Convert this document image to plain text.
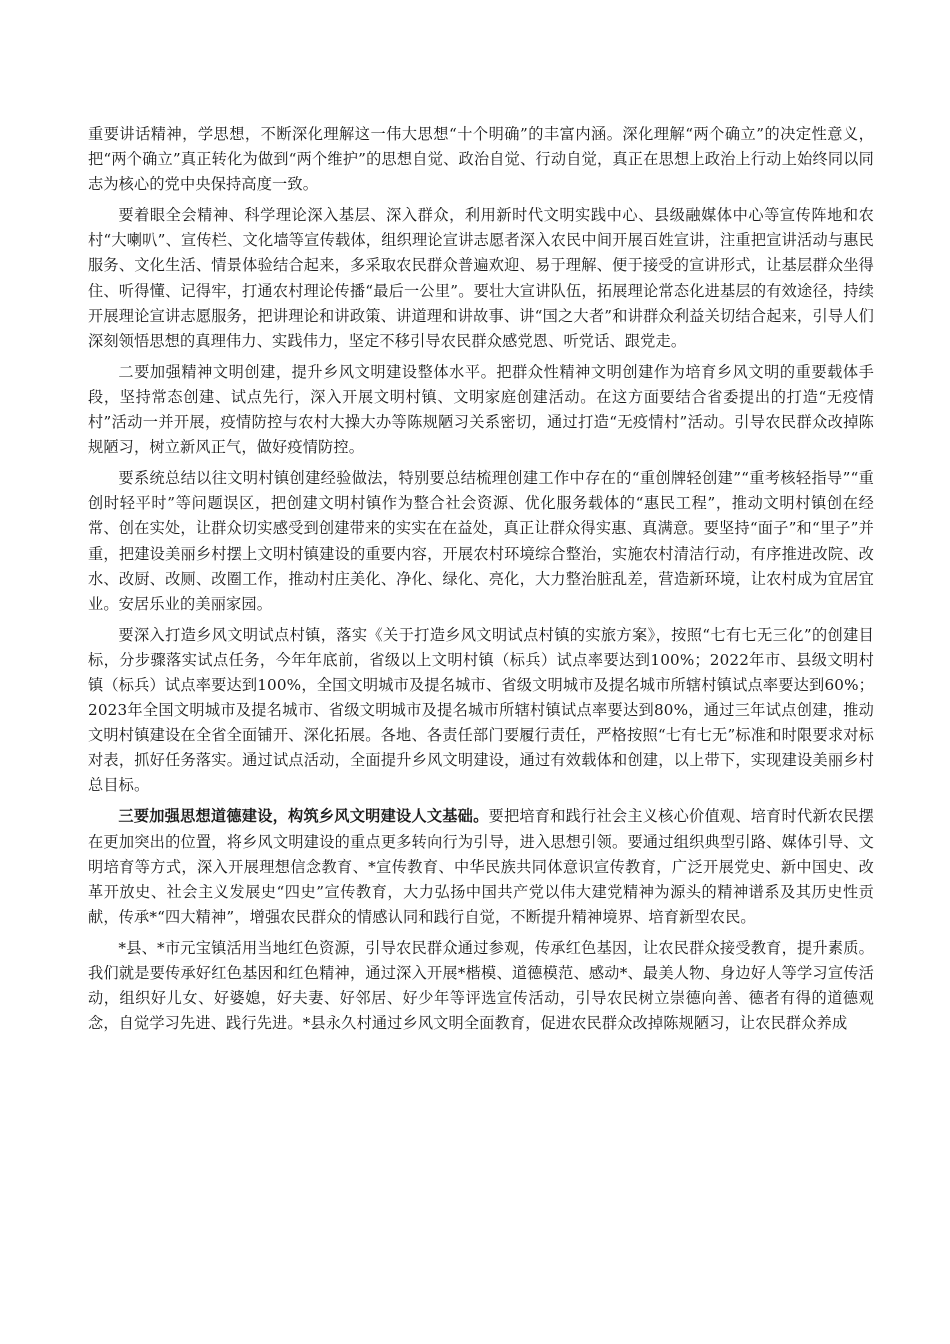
重要讲话精神，学思想，不断深化理解这一伟大思想“十个明确”的丰富内涵。深化理解“两个确立”的决定性意义，把“两个确立”真正转化为做到“两个维护”的思想自觉、政治自觉、行动自觉，真正在思想上政治上行动上始终同以同志为核心的党中央保持高度一致。

要着眼全会精神、科学理论深入基层、深入群众，利用新时代文明实践中心、县级融媒体中心等宣传阵地和农村“大喇叭”、宣传栏、文化墙等宣传载体，组织理论宣讲志愿者深入农民中间开展百姓宣讲，注重把宣讲活动与惠民服务、文化生活、情景体验结合起来，多采取农民群众普遍欢迎、易于理解、便于接受的宣讲形式，让基层群众坐得住、听得懂、记得牢，打通农村理论传播“最后一公里”。要壮大宣讲队伍，拓展理论常态化进基层的有效途径，持续开展理论宣讲志愿服务，把讲理论和讲政策、讲道理和讲故事、讲“国之大者”和讲群众利益关切结合起来，引导人们深刻领悟思想的真理伟力、实践伟力，坚定不移引导农民群众感党恩、听党话、跟党走。

二要加强精神文明创建，提升乡风文明建设整体水平。把群众性精神文明创建作为培育乡风文明的重要载体手段，坚持常态创建、试点先行，深入开展文明村镇、文明家庭创建活动。在这方面要结合省委提出的打造“无疫情村”活动一并开展，疫情防控与农村大操大办等陈规陋习关系密切，通过打造“无疫情村”活动。引导农民群众改掉陈规陋习，树立新风正气，做好疫情防控。

要系统总结以往文明村镇创建经验做法，特别要总结梳理创建工作中存在的“重创牌轻创建”“重考核轻指导”“重创时轻平时”等问题误区，把创建文明村镇作为整合社会资源、优化服务载体的“惠民工程”，推动文明村镇创在经常、创在实处，让群众切实感受到创建带来的实实在在益处，真正让群众得实惠、真满意。要坚持“面子”和“里子”并重，把建设美丽乡村摆上文明村镇建设的重要内容，开展农村环境综合整治，实施农村清洁行动，有序推进改院、改水、改厨、改厕、改圈工作，推动村庄美化、净化、绿化、亮化，大力整治脏乱差，营造新环境，让农村成为宜居宜业。安居乐业的美丽家园。

要深入打造乡风文明试点村镇，落实《关于打造乡风文明试点村镇的实旅方案》，按照“七有七无三化”的创建目标，分步骤落实试点任务，今年年底前，省级以上文明村镇（标兵）试点率要达到100%；2022年市、县级文明村镇（标兵）试点率要达到100%，全国文明城市及提名城市、省级文明城市及提名城市所辖村镇试点率要达到60%；2023年全国文明城市及提名城市、省级文明城市及提名城市所辖村镇试点率要达到80%，通过三年试点创建，推动文明村镇建设在全省全面铺开、深化拓展。各地、各责任部门要履行责任，严格按照“七有七无”标准和时限要求对标对表，抓好任务落实。通过试点活动，全面提升乡风文明建设，通过有效载体和创建，以上带下，实现建设美丽乡村总目标。

三要加强思想道德建设，构筑乡风文明建设人文基础。要把培育和践行社会主义核心价值观、培育时代新农民摆在更加突出的位置，将乡风文明建设的重点更多转向行为引导，进入思想引领。要通过组织典型引路、媒体引导、文明培育等方式，深入开展理想信念教育、*宣传教育、中华民族共同体意识宣传教育，广泛开展党史、新中国史、改革开放史、社会主义发展史“四史”宣传教育，大力弘扬中国共产党以伟大建党精神为源头的精神谱系及其历史性贡献，传承*“四大精神”，增强农民群众的情感认同和践行自觉，不断提升精神境界、培育新型农民。

*县、*市元宝镇活用当地红色资源，引导农民群众通过参观，传承红色基因，让农民群众接受教育，提升素质。我们就是要传承好红色基因和红色精神，通过深入开展*楷模、道德模范、感动*、最美人物、身边好人等学习宣传活动，组织好儿女、好婆媳，好夫妻、好邻居、好少年等评选宣传活动，引导农民树立崇德向善、德者有得的道德观念，自觉学习先进、践行先进。*县永久村通过乡风文明全面教育，促进农民群众改掉陈规陋习，让农民群众养成
